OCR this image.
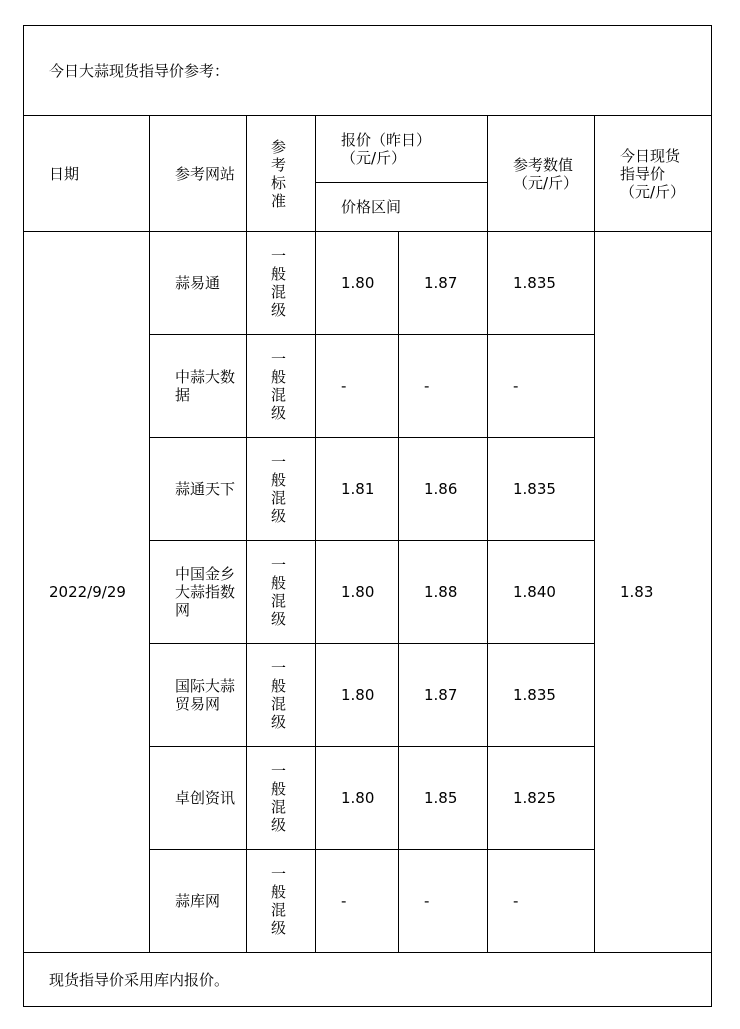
今日大蒜现货指导价参考：						
日期	参考网站	参考标准	报价（昨日）（元/斤）		参考数值（元/斤）	今日现货指导价（元/斤）
			价格区间			
2022/9/29	蒜易通	一般混级	1.80	1.87	1.835	1.83
	中蒜大数据	一般混级	-	-	-	
	蒜通天下	一般混级	1.81	1.86	1.835	
	中国金乡大蒜指数网	一般混级	1.80	1.88	1.840	
	国际大蒜贸易网	一般混级	1.80	1.87	1.835	
	卓创资讯	一般混级	1.80	1.85	1.825	
	蒜库网	一般混级	-	-	-	
现货指导价采用库内报价。						
